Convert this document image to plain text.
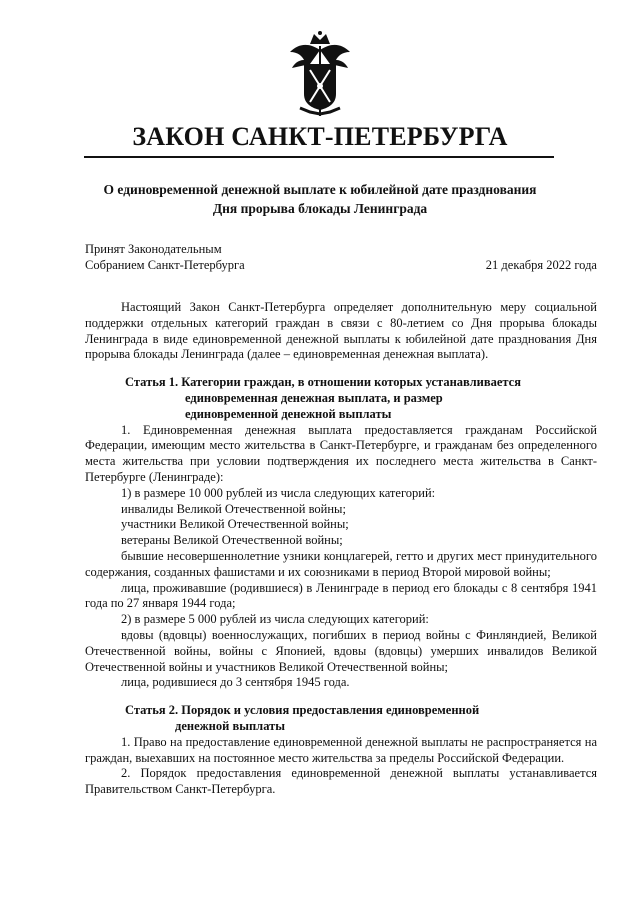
ЗАКОН САНКТ-ПЕТЕРБУРГА
О единовременной денежной выплате к юбилейной дате празднования
Дня прорыва блокады Ленинграда
Принят Законодательным
Собранием Санкт-Петербурга	21 декабря 2022 года

Настоящий Закон Санкт-Петербурга определяет дополнительную меру социальной поддержки отдельных категорий граждан в связи с 80-летием со Дня прорыва блокады Ленинграда в виде единовременной денежной выплаты к юбилейной дате празднования Дня прорыва блокады Ленинграда (далее – единовременная денежная выплата).

Статья 1. Категории граждан, в отношении которых устанавливается
единовременная денежная выплата, и размер
единовременной денежной выплаты

1. Единовременная денежная выплата предоставляется гражданам Российской Федерации, имеющим место жительства в Санкт-Петербурге, и гражданам без определенного места жительства при условии подтверждения их последнего места жительства в Санкт-Петербурге (Ленинграде):

1) в размере 10 000 рублей из числа следующих категорий:

инвалиды Великой Отечественной войны;

участники Великой Отечественной войны;

ветераны Великой Отечественной войны;

бывшие несовершеннолетние узники концлагерей, гетто и других мест принудительного содержания, созданных фашистами и их союзниками в период Второй мировой войны;

лица, проживавшие (родившиеся) в Ленинграде в период его блокады с 8 сентября 1941 года по 27 января 1944 года;

2) в размере 5 000 рублей из числа следующих категорий:

вдовы (вдовцы) военнослужащих, погибших в период войны с Финляндией, Великой Отечественной войны, войны с Японией, вдовы (вдовцы) умерших инвалидов Великой Отечественной войны и участников Великой Отечественной войны;

лица, родившиеся до 3 сентября 1945 года.

Статья 2. Порядок и условия предоставления единовременной
денежной выплаты

1. Право на предоставление единовременной денежной выплаты не распространяется на граждан, выехавших на постоянное место жительства за пределы Российской Федерации.

2. Порядок предоставления единовременной денежной выплаты устанавливается Правительством Санкт-Петербурга.
